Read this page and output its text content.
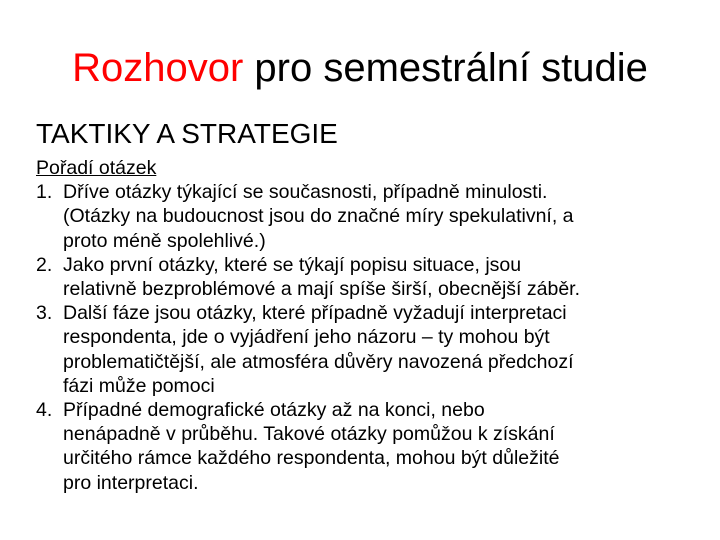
Rozhovor pro semestrální studie
TAKTIKY A STRATEGIE
Pořadí otázek
1. Dříve otázky týkající se současnosti, případně minulosti.
(Otázky na budoucnost jsou do značné míry spekulativní, a
proto méně spolehlivé.)
2. Jako první otázky, které se týkají popisu situace, jsou
relativně bezproblémové a mají spíše širší, obecnější záběr.
3. Další fáze jsou otázky, které případně vyžadují interpretaci
respondenta, jde o vyjádření jeho názoru – ty mohou být
problematičtější, ale atmosféra důvěry navozená předchozí
fázi může pomoci
4. Případné demografické otázky až na konci, nebo
nenápadně v průběhu. Takové otázky pomůžou k získání
určitého rámce každého respondenta, mohou být důležité
pro interpretaci.
